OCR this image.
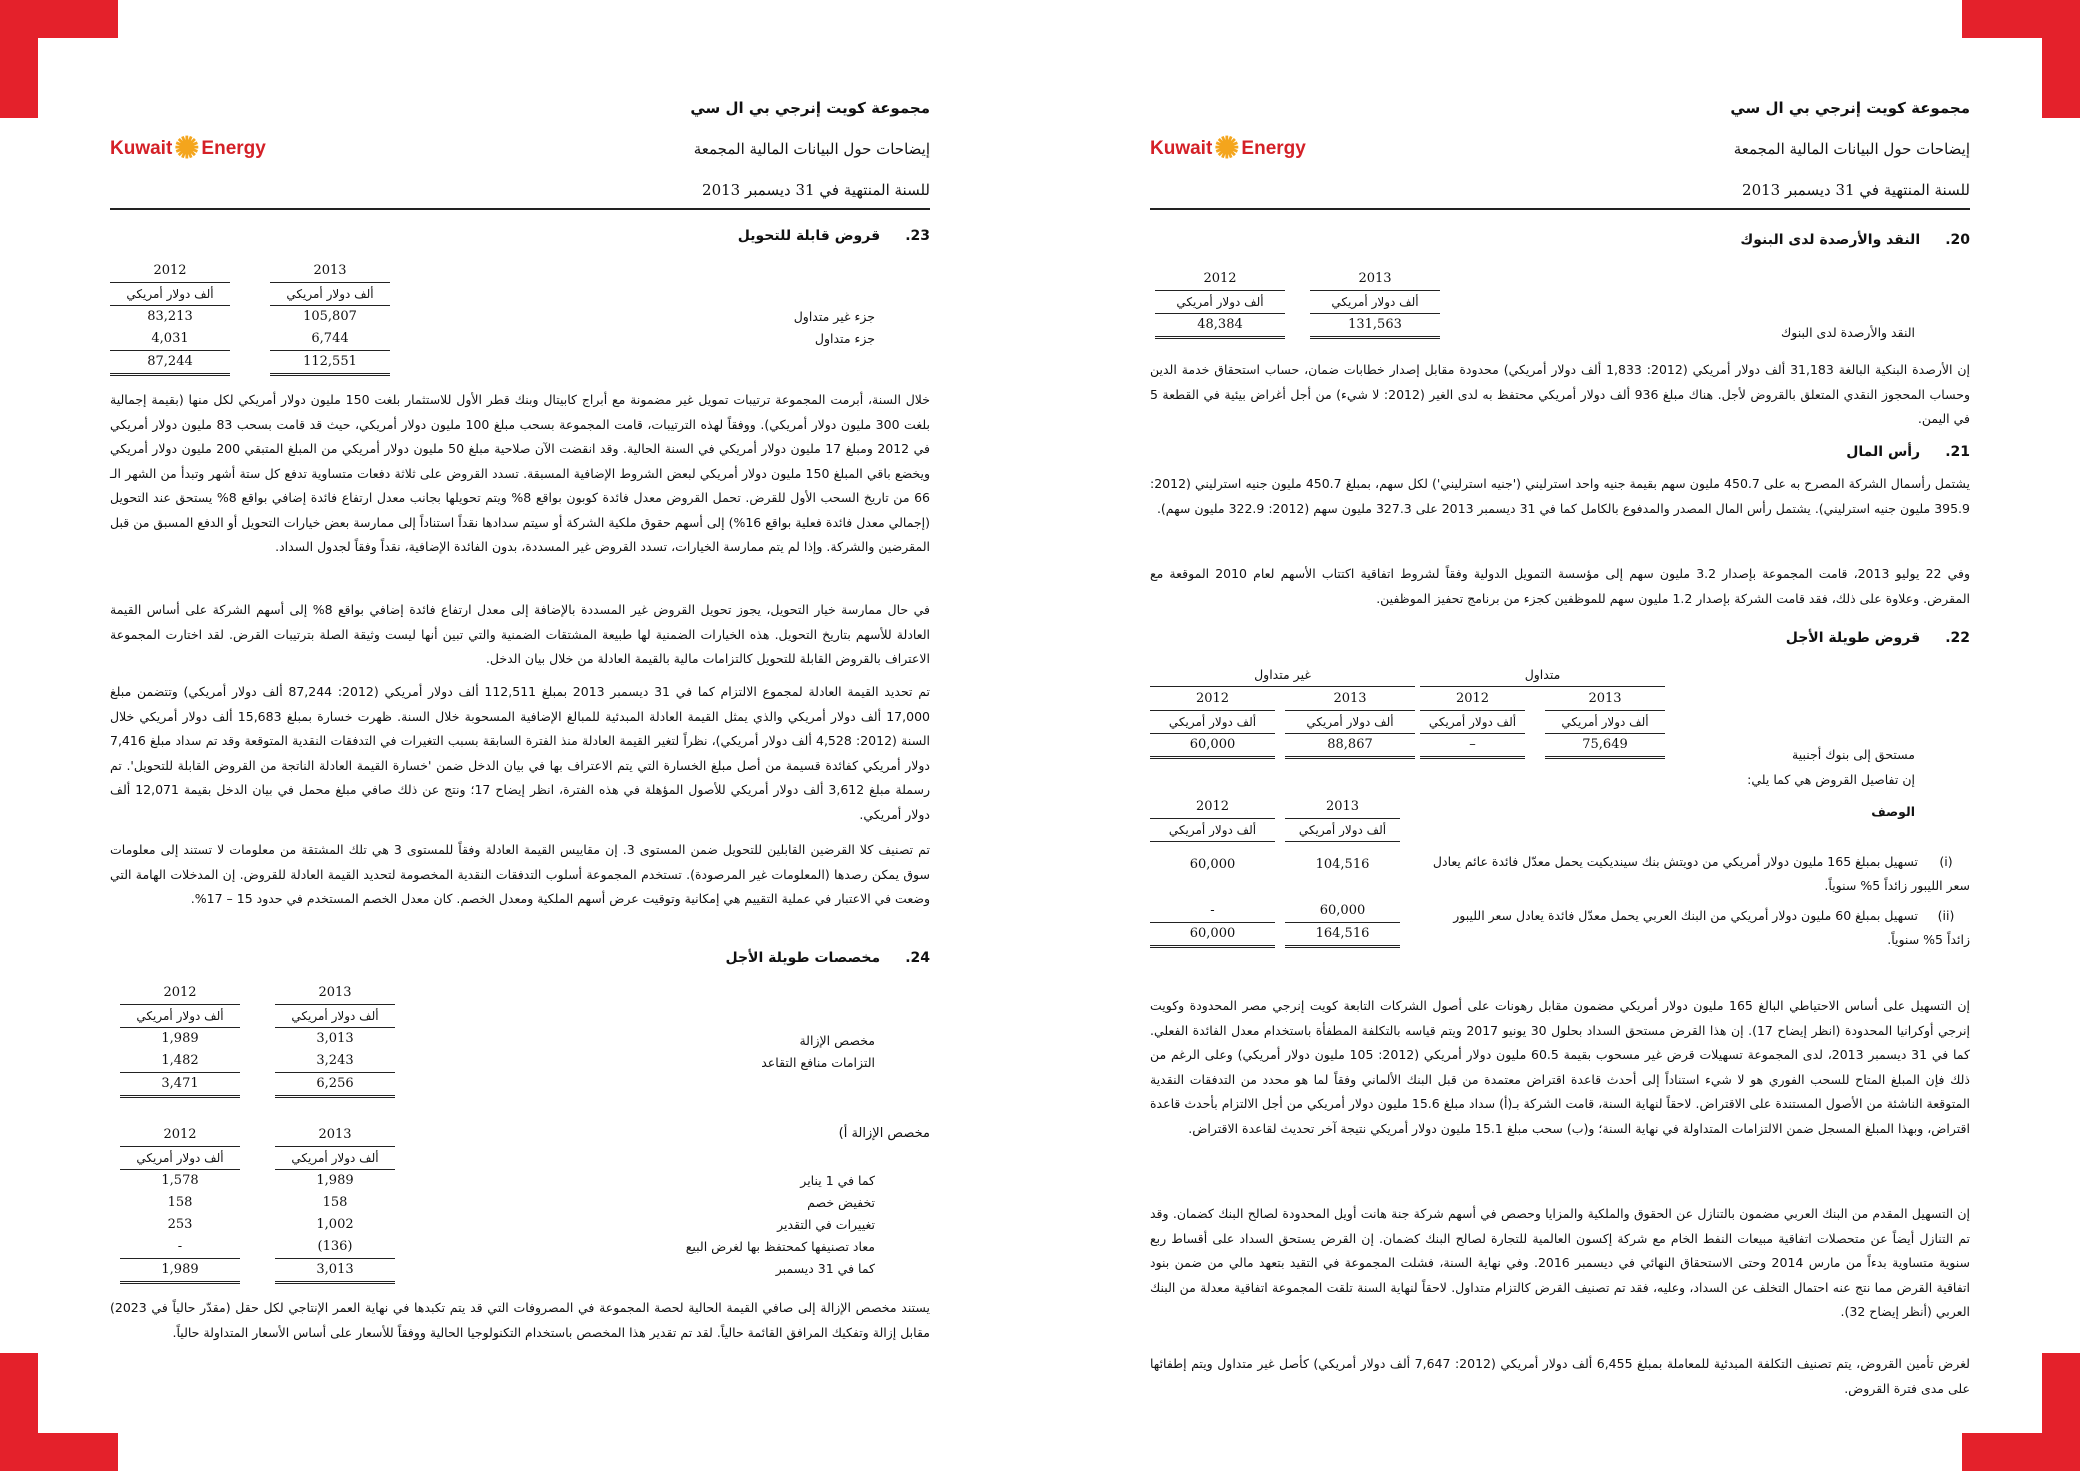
مجموعة كويت إنرجي بي ال سي
إيضاحات حول البيانات المالية المجمعة
للسنة المنتهية في 31 ديسمبر 2013
Kuwait ✺ Energy
23. قروض قابلة للتحويل
2012
ألف دولار أمريكي
83,213
4,031
87,244
2013
ألف دولار أمريكي
105,807
6,744
112,551
جزء غير متداول
جزء متداول
خلال السنة، أبرمت المجموعة ترتيبات تمويل غير مضمونة مع أبراج كابيتال وبنك قطر الأول للاستثمار بلغت 150 مليون دولار أمريكي لكل منها (بقيمة إجمالية بلغت 300 مليون دولار أمريكي). ووفقاً لهذه الترتيبات، قامت المجموعة بسحب مبلغ 100 مليون دولار أمريكي، حيث قد قامت بسحب 83 مليون دولار أمريكي في 2012 ومبلغ 17 مليون دولار أمريكي في السنة الحالية. وقد انقضت الآن صلاحية مبلغ 50 مليون دولار أمريكي من المبلغ المتبقي 200 مليون دولار أمريكي ويخضع باقي المبلغ 150 مليون دولار أمريكي لبعض الشروط الإضافية المسبقة. تسدد القروض على ثلاثة دفعات متساوية تدفع كل ستة أشهر وتبدأ من الشهر الـ 66 من تاريخ السحب الأول للقرض. تحمل القروض معدل فائدة كوبون بواقع 8% ويتم تحويلها بجانب معدل ارتفاع فائدة إضافي بواقع 8% يستحق عند التحويل (إجمالي معدل فائدة فعلية بواقع 16%) إلى أسهم حقوق ملكية الشركة أو سيتم سدادها نقداً استناداً إلى ممارسة بعض خيارات التحويل أو الدفع المسبق من قبل المقرضين والشركة. وإذا لم يتم ممارسة الخيارات، تسدد القروض غير المسددة، بدون الفائدة الإضافية، نقداً وفقاً لجدول السداد.
في حال ممارسة خيار التحويل، يجوز تحويل القروض غير المسددة بالإضافة إلى معدل ارتفاع فائدة إضافي بواقع 8% إلى أسهم الشركة على أساس القيمة العادلة للأسهم بتاريخ التحويل. هذه الخيارات الضمنية لها طبيعة المشتقات الضمنية والتي تبين أنها ليست وثيقة الصلة بترتيبات القرض. لقد اختارت المجموعة الاعتراف بالقروض القابلة للتحويل كالتزامات مالية بالقيمة العادلة من خلال بيان الدخل.
تم تحديد القيمة العادلة لمجموع الالتزام كما في 31 ديسمبر 2013 بمبلغ 112,511 ألف دولار أمريكي (2012: 87,244 ألف دولار أمريكي) وتتضمن مبلغ 17,000 ألف دولار أمريكي والذي يمثل القيمة العادلة المبدئية للمبالغ الإضافية المسحوبة خلال السنة. ظهرت خسارة بمبلغ 15,683 ألف دولار أمريكي خلال السنة (2012: 4,528 ألف دولار أمريكي)، نظراً لتغير القيمة العادلة منذ الفترة السابقة بسبب التغيرات في التدفقات النقدية المتوقعة وقد تم سداد مبلغ 7,416 دولار أمريكي كفائدة قسيمة من أصل مبلغ الخسارة التي يتم الاعتراف بها في بيان الدخل ضمن 'خسارة القيمة العادلة الناتجة من القروض القابلة للتحويل'. تم رسملة مبلغ 3,612 ألف دولار أمريكي للأصول المؤهلة في هذه الفترة، انظر إيضاح 17؛ ونتج عن ذلك صافي مبلغ محمل في بيان الدخل بقيمة 12,071 ألف دولار أمريكي.
تم تصنيف كلا القرضين القابلين للتحويل ضمن المستوى 3. إن مقاييس القيمة العادلة وفقاً للمستوى 3 هي تلك المشتقة من معلومات لا تستند إلى معلومات سوق يمكن رصدها (المعلومات غير المرصودة). تستخدم المجموعة أسلوب التدفقات النقدية المخصومة لتحديد القيمة العادلة للقروض. إن المدخلات الهامة التي وضعت في الاعتبار في عملية التقييم هي إمكانية وتوقيت عرض أسهم الملكية ومعدل الخصم. كان معدل الخصم المستخدم في حدود 15 – 17%.
24. مخصصات طويلة الأجل
2012
ألف دولار أمريكي
1,989
1,482
3,471
2013
ألف دولار أمريكي
3,013
3,243
6,256
مخصص الإزالة
التزامات منافع التقاعد
مخصص الإزالة أ)
2012
ألف دولار أمريكي
1,578
158
253
-
1,989
2013
ألف دولار أمريكي
1,989
158
1,002
(136)
3,013
كما في 1 يناير
تخفيض خصم
تغييرات في التقدير
معاد تصنيفها كمحتفظ بها لغرض البيع
كما في 31 ديسمبر
يستند مخصص الإزالة إلى صافي القيمة الحالية لحصة المجموعة في المصروفات التي قد يتم تكبدها في نهاية العمر الإنتاجي لكل حقل (مقدّر حالياً في 2023) مقابل إزالة وتفكيك المرافق القائمة حالياً. لقد تم تقدير هذا المخصص باستخدام التكنولوجيا الحالية ووفقاً للأسعار على أساس الأسعار المتداولة حالياً.
مجموعة كويت إنرجي بي ال سي
إيضاحات حول البيانات المالية المجمعة
للسنة المنتهية في 31 ديسمبر 2013
Kuwait ✺ Energy
20. النقد والأرصدة لدى البنوك
2012
ألف دولار أمريكي
48,384
2013
ألف دولار أمريكي
131,563
النقد والأرصدة لدى البنوك
إن الأرصدة البنكية البالغة 31,183 ألف دولار أمريكي (2012: 1,833 ألف دولار أمريكي) محدودة مقابل إصدار خطابات ضمان، حساب استحقاق خدمة الدين وحساب المحجوز النقدي المتعلق بالقروض لأجل. هناك مبلغ 936 ألف دولار أمريكي محتفظ به لدى الغير (2012: لا شيء) من أجل أغراض بيئية في القطعة 5 في اليمن.
21. رأس المال
يشتمل رأسمال الشركة المصرح به على 450.7 مليون سهم بقيمة جنيه واحد استرليني ('جنيه استرليني') لكل سهم، بمبلغ 450.7 مليون جنيه استرليني (2012: 395.9 مليون جنيه استرليني). يشتمل رأس المال المصدر والمدفوع بالكامل كما في 31 ديسمبر 2013 على 327.3 مليون سهم (2012: 322.9 مليون سهم).
وفي 22 يوليو 2013، قامت المجموعة بإصدار 3.2 مليون سهم إلى مؤسسة التمويل الدولية وفقاً لشروط اتفاقية اكتتاب الأسهم لعام 2010 الموقعة مع المقرض. وعلاوة على ذلك، فقد قامت الشركة بإصدار 1.2 مليون سهم للموظفين كجزء من برنامج تحفيز الموظفين.
22. قروض طويلة الأجل
غير متداول	متداول
2012
ألف دولار أمريكي
60,000
2013
ألف دولار أمريكي
88,867
2012
ألف دولار أمريكي
–
2013
ألف دولار أمريكي
75,649
مستحق إلى بنوك أجنبية
إن تفاصيل القروض هي كما يلي:
الوصف
2012
ألف دولار أمريكي
60,000
-
60,000
2013
ألف دولار أمريكي
104,516
60,000
164,516
(i) تسهيل بمبلغ 165 مليون دولار أمريكي من دويتش بنك سينديكيت يحمل معدّل فائدة عائم يعادل سعر الليبور زائداً 5% سنوياً.
(ii) تسهيل بمبلغ 60 مليون دولار أمريكي من البنك العربي يحمل معدّل فائدة يعادل سعر الليبور زائداً 5% سنوياً.
إن التسهيل على أساس الاحتياطي البالغ 165 مليون دولار أمريكي مضمون مقابل رهونات على أصول الشركات التابعة كويت إنرجي مصر المحدودة وكويت إنرجي أوكرانيا المحدودة (انظر إيضاح 17). إن هذا القرض مستحق السداد بحلول 30 يونيو 2017 ويتم قياسه بالتكلفة المطفأة باستخدام معدل الفائدة الفعلي. كما في 31 ديسمبر 2013، لدى المجموعة تسهيلات قرض غير مسحوب بقيمة 60.5 مليون دولار أمريكي (2012: 105 مليون دولار أمريكي) وعلى الرغم من ذلك فإن المبلغ المتاح للسحب الفوري هو لا شيء استناداً إلى أحدث قاعدة اقتراض معتمدة من قبل البنك الألماني وفقاً لما هو محدد من التدفقات النقدية المتوقعة الناشئة من الأصول المستندة على الاقتراض. لاحقاً لنهاية السنة، قامت الشركة بـ(أ) سداد مبلغ 15.6 مليون دولار أمريكي من أجل الالتزام بأحدث قاعدة اقتراض، وبهذا المبلغ المسجل ضمن الالتزامات المتداولة في نهاية السنة؛ و(ب) سحب مبلغ 15.1 مليون دولار أمريكي نتيجة آخر تحديث لقاعدة الاقتراض.
إن التسهيل المقدم من البنك العربي مضمون بالتنازل عن الحقوق والملكية والمزايا وحصص في أسهم شركة جنة هانت أويل المحدودة لصالح البنك كضمان. وقد تم التنازل أيضاً عن متحصلات اتفاقية مبيعات النفط الخام مع شركة إكسون العالمية للتجارة لصالح البنك كضمان. إن القرض يستحق السداد على أقساط ربع سنوية متساوية بدءاً من مارس 2014 وحتى الاستحقاق النهائي في ديسمبر 2016. وفي نهاية السنة، فشلت المجموعة في التقيد بتعهد مالي من ضمن بنود اتفاقية القرض مما نتج عنه احتمال التخلف عن السداد، وعليه، فقد تم تصنيف القرض كالتزام متداول. لاحقاً لنهاية السنة تلقت المجموعة اتفاقية معدلة من البنك العربي (أنظر إيضاح 32).
لغرض تأمين القروض، يتم تصنيف التكلفة المبدئية للمعاملة بمبلغ 6,455 ألف دولار أمريكي (2012: 7,647 ألف دولار أمريكي) كأصل غير متداول ويتم إطفائها على مدى فترة القروض.
